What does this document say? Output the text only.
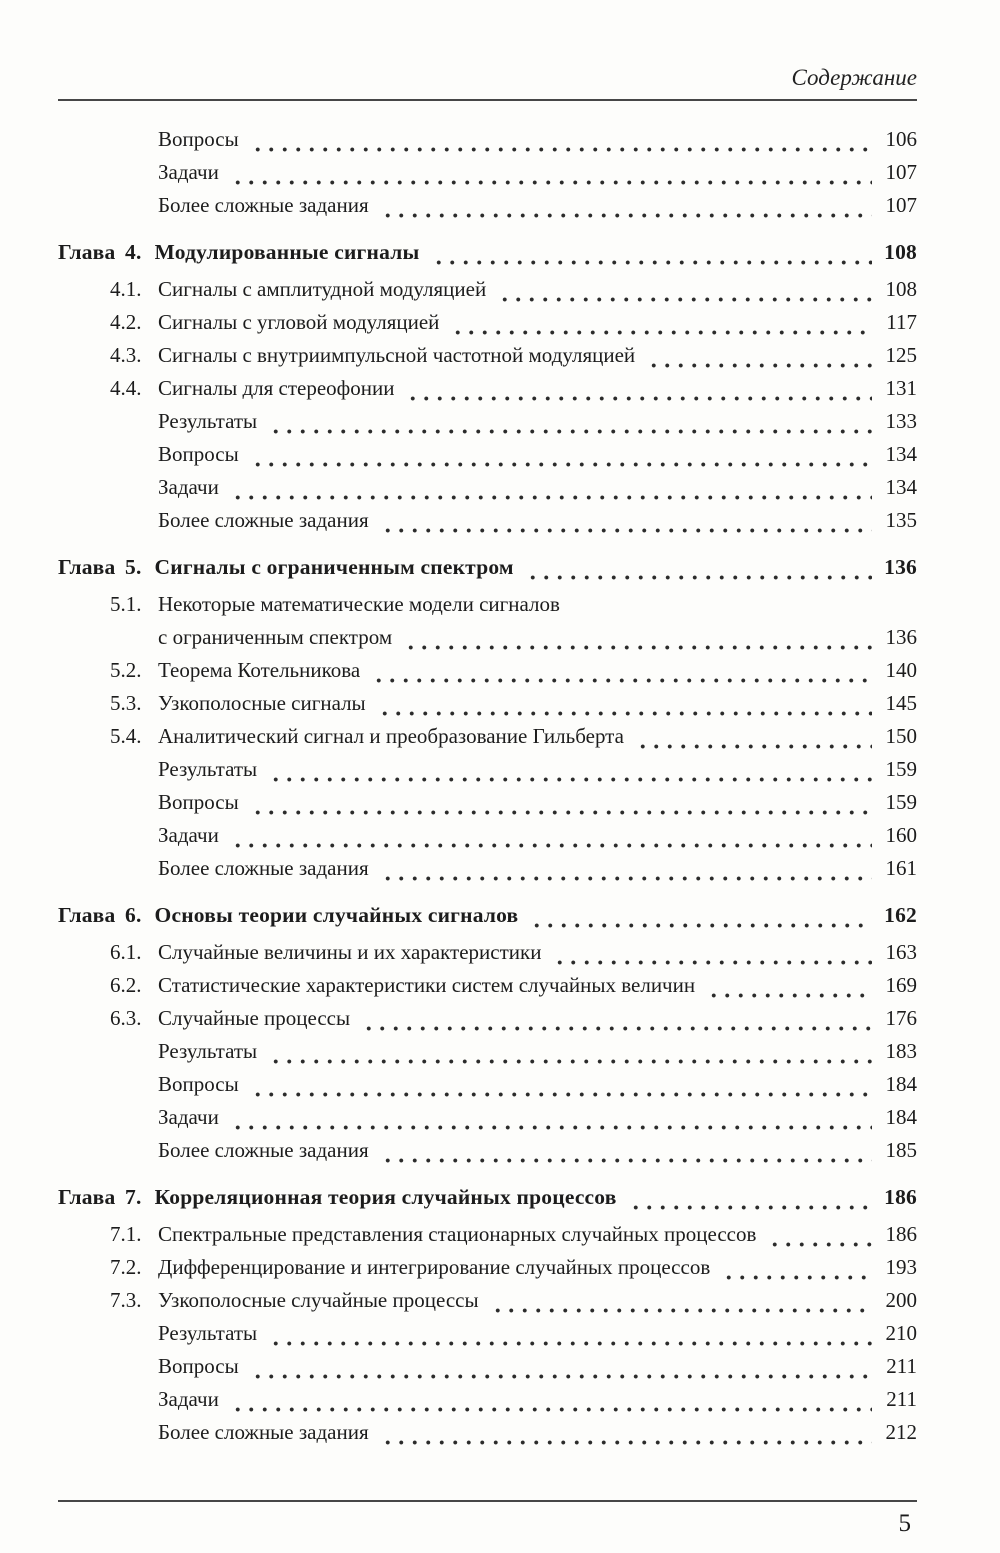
Содержание
Вопросы	106
Задачи	107
Более сложные задания	107
Глава 4. Модулированные сигналы	108
4.1. Сигналы с амплитудной модуляцией	108
4.2. Сигналы с угловой модуляцией	117
4.3. Сигналы с внутриимпульсной частотной модуляцией	125
4.4. Сигналы для стереофонии	131
Результаты	133
Вопросы	134
Задачи	134
Более сложные задания	135
Глава 5. Сигналы с ограниченным спектром	136
5.1. Некоторые математические модели сигналов
с ограниченным спектром	136
5.2. Теорема Котельникова	140
5.3. Узкополосные сигналы	145
5.4. Аналитический сигнал и преобразование Гильберта	150
Результаты	159
Вопросы	159
Задачи	160
Более сложные задания	161
Глава 6. Основы теории случайных сигналов	162
6.1. Случайные величины и их характеристики	163
6.2. Статистические характеристики систем случайных величин	169
6.3. Случайные процессы	176
Результаты	183
Вопросы	184
Задачи	184
Более сложные задания	185
Глава 7. Корреляционная теория случайных процессов	186
7.1. Спектральные представления стационарных случайных процессов	186
7.2. Дифференцирование и интегрирование случайных процессов	193
7.3. Узкополосные случайные процессы	200
Результаты	210
Вопросы	211
Задачи	211
Более сложные задания	212
5
